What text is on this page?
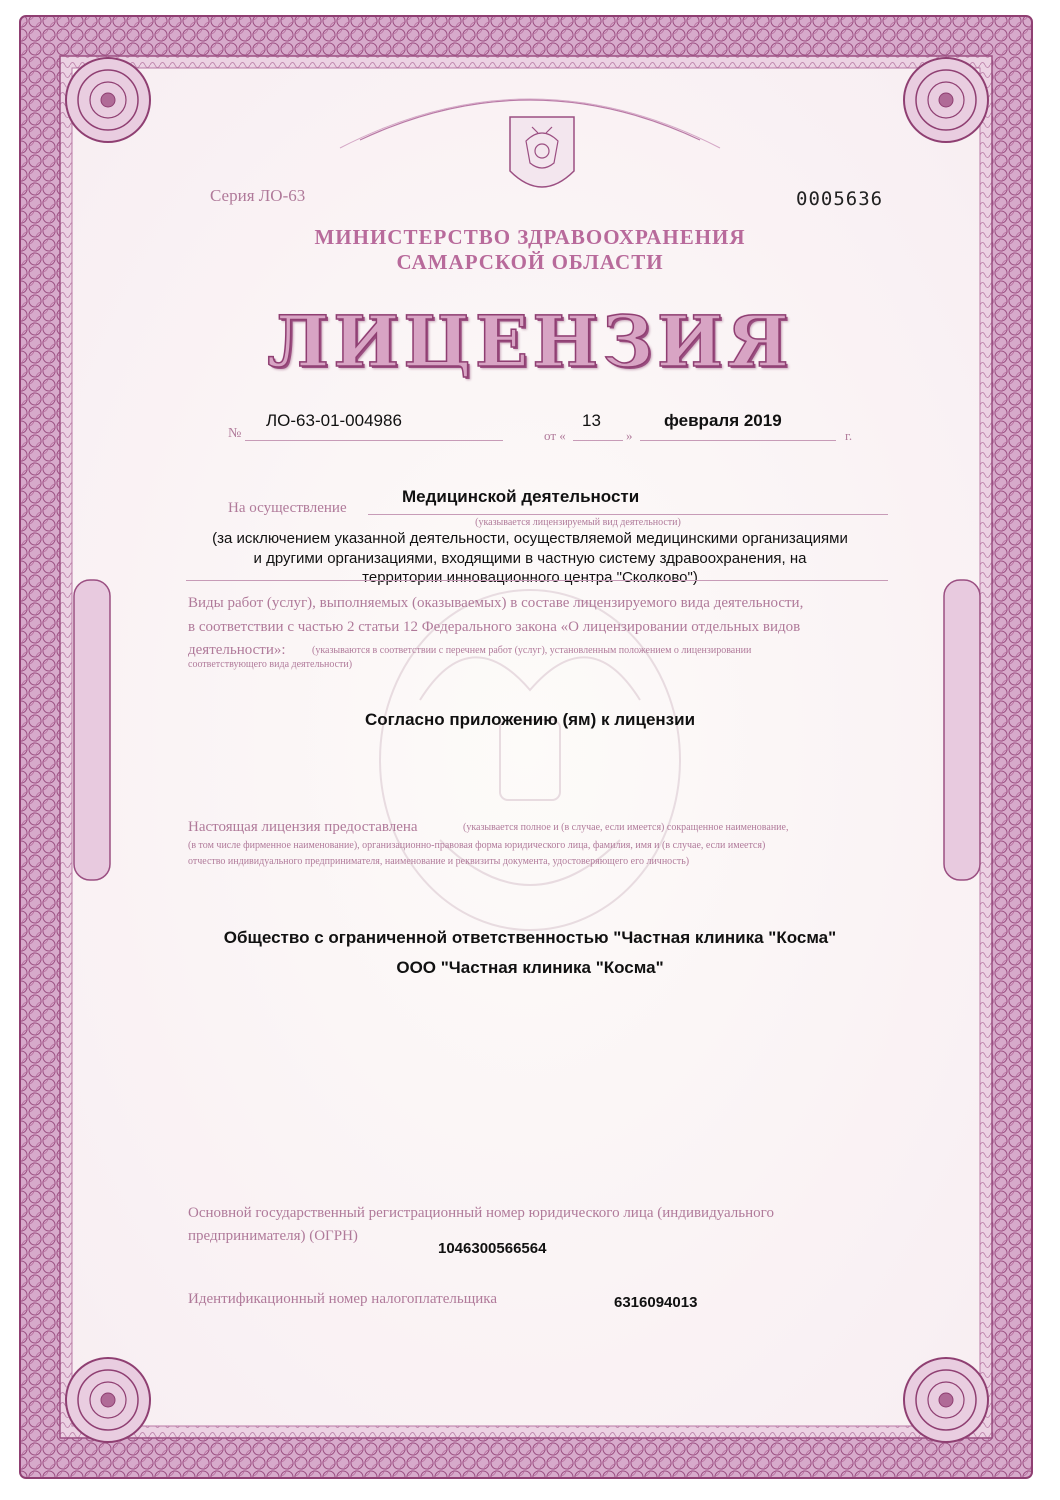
Серия ЛО-63	0005636
МИНИСТЕРСТВО ЗДРАВООХРАНЕНИЯ
САМАРСКОЙ ОБЛАСТИ
ЛИЦЕНЗИЯ
№
ЛО-63-01-004986
от «
13
»
февраля 2019
г.
На осуществление
Медицинской деятельности
(указывается лицензируемый вид деятельности)
(за исключением указанной деятельности, осуществляемой медицинскими организациями
и другими организациями, входящими в частную систему здравоохранения, на
территории инновационного центра "Сколково")
Виды работ (услуг), выполняемых (оказываемых) в составе лицензируемого вида деятельности,
в соответствии с частью 2 статьи 12 Федерального закона «О лицензировании отдельных видов
деятельности»:	(указываются в соответствии с перечнем работ (услуг), установленным положением о лицензировании
соответствующего вида деятельности)
Согласно приложению (ям) к лицензии
Настоящая лицензия предоставлена	(указывается полное и (в случае, если имеется) сокращенное наименование,
(в том числе фирменное наименование), организационно-правовая форма юридического лица, фамилия, имя и (в случае, если имеется)
отчество индивидуального предпринимателя, наименование и реквизиты документа, удостоверяющего его личность)
Общество с ограниченной ответственностью "Частная клиника "Косма"
ООО "Частная клиника "Косма"
Основной государственный регистрационный номер юридического лица (индивидуального
предпринимателя) (ОГРН)
1046300566564
Идентификационный номер налогоплательщика	6316094013
